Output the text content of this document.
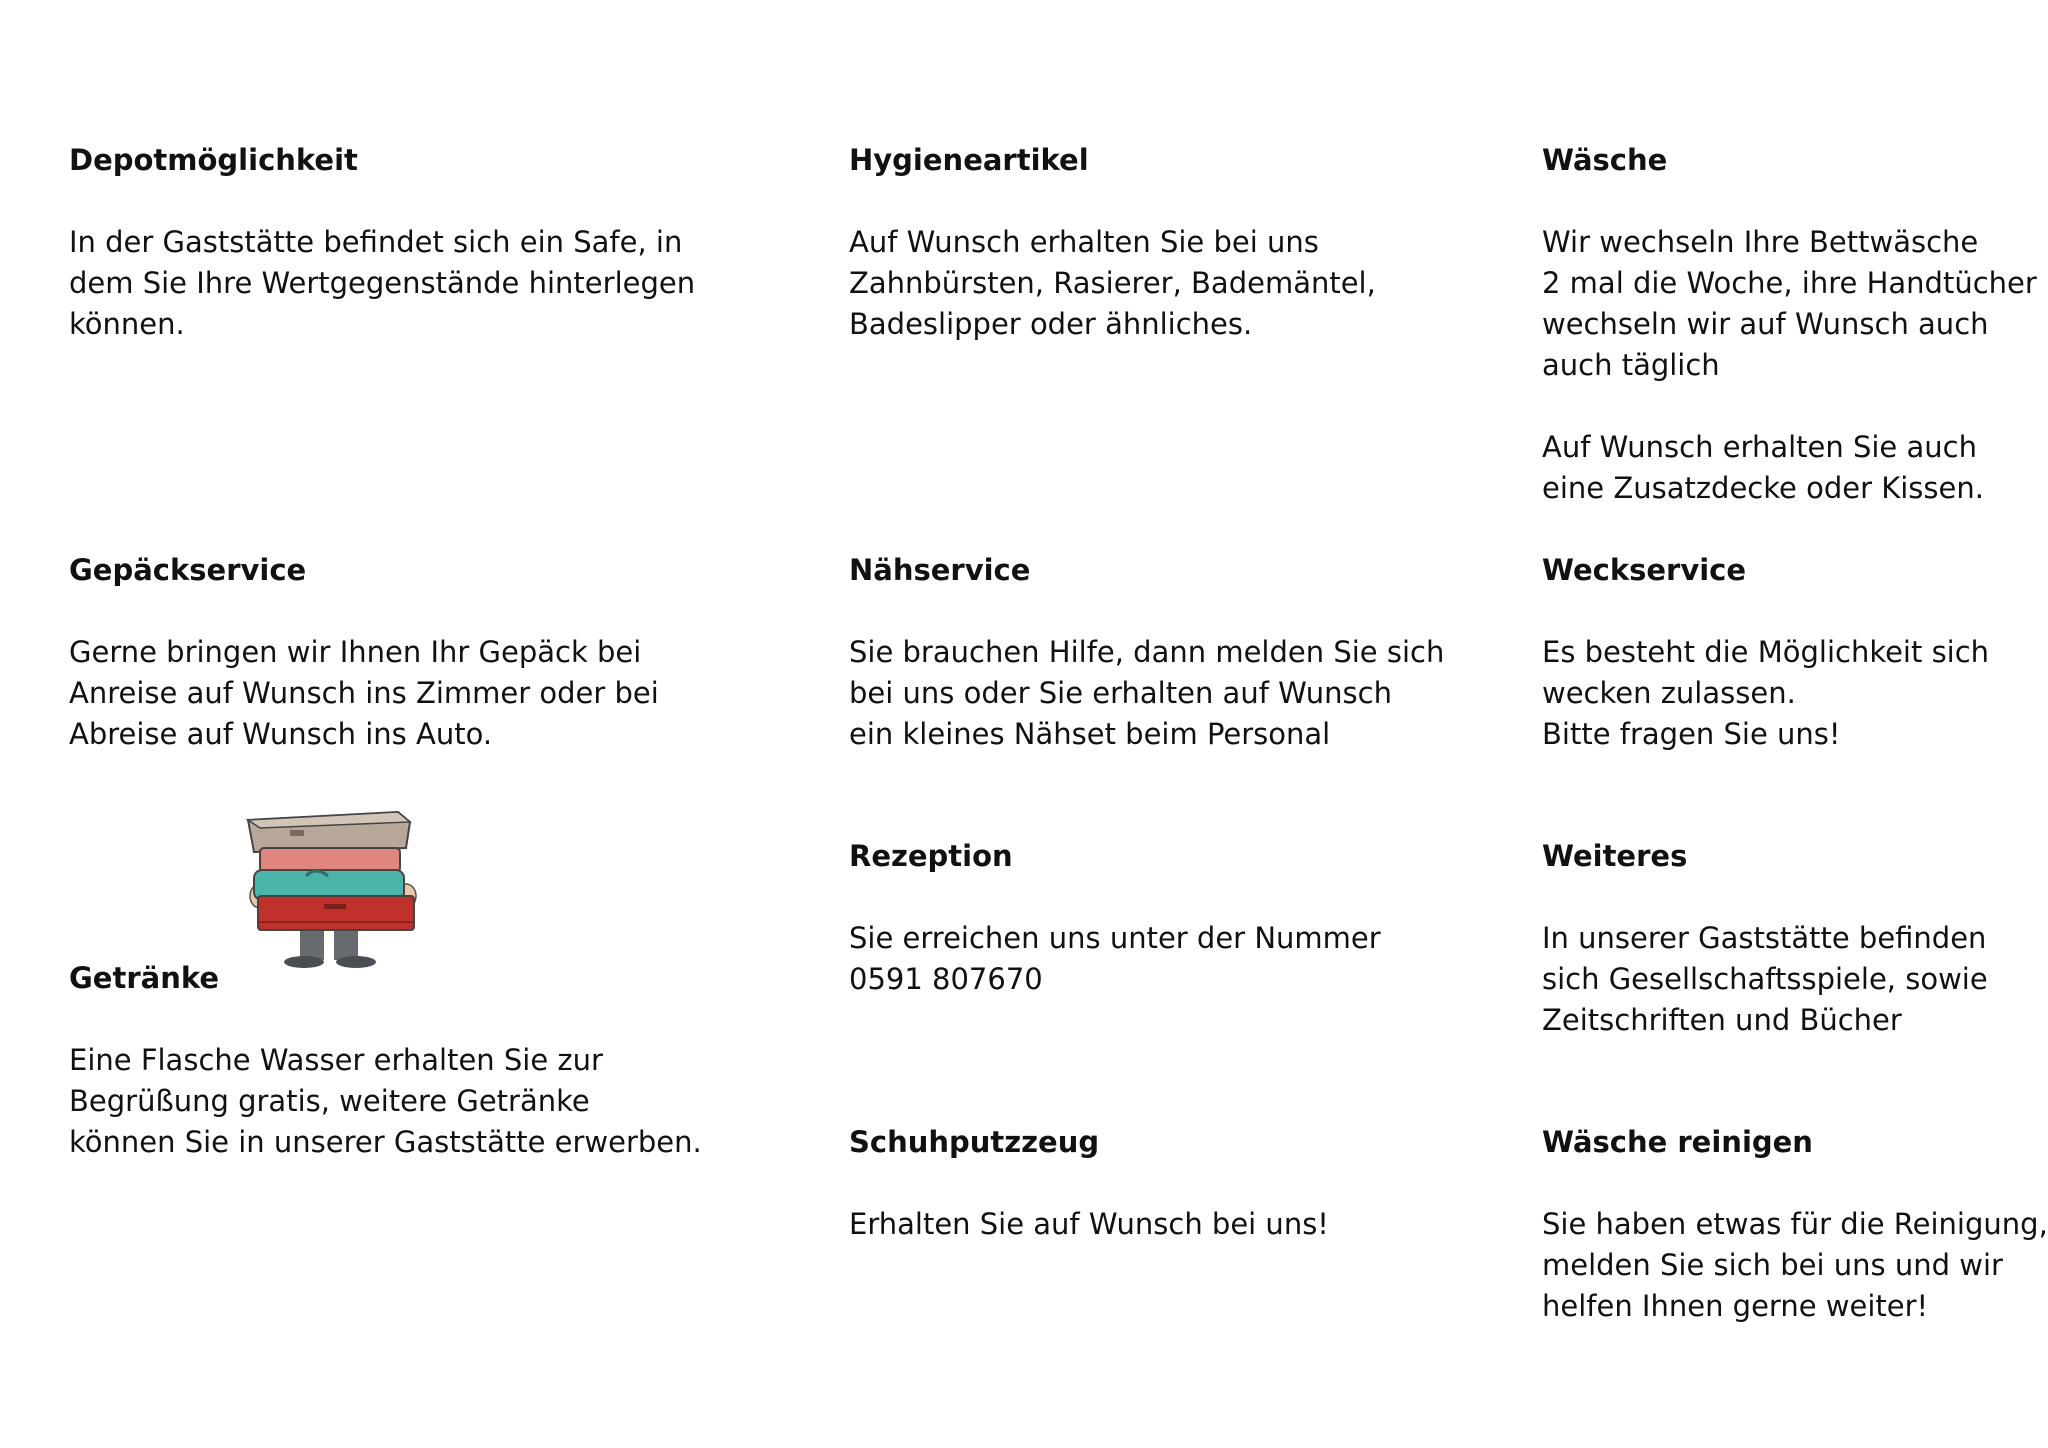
Depotmöglichkeit

In der Gaststätte befindet sich ein Safe, in

dem Sie Ihre Wertgegenstände hinterlegen

können.

Hygieneartikel

Auf Wunsch erhalten Sie bei uns

Zahnbürsten, Rasierer, Bademäntel,

Badeslipper oder ähnliches.

Wäsche

Wir wechseln Ihre Bettwäsche

2 mal die Woche, ihre Handtücher

wechseln wir auf Wunsch auch

auch täglich

Auf Wunsch erhalten Sie auch

eine Zusatzdecke oder Kissen.

Gepäckservice

Gerne bringen wir Ihnen Ihr Gepäck bei

Anreise auf Wunsch ins Zimmer oder bei

Abreise auf Wunsch ins Auto.

Nähservice

Sie brauchen Hilfe, dann melden Sie sich

bei uns oder Sie erhalten auf Wunsch

ein kleines Nähset beim Personal

Weckservice

Es besteht die Möglichkeit sich

wecken zulassen.

Bitte fragen Sie uns!

Getränke

Eine Flasche Wasser erhalten Sie zur

Begrüßung gratis, weitere Getränke

können Sie in unserer Gaststätte erwerben.

Rezeption

Sie erreichen uns unter der Nummer

0591 807670

Weiteres

In unserer Gaststätte befinden

sich Gesellschaftsspiele, sowie

Zeitschriften und Bücher

Schuhputzzeug

Erhalten Sie auf Wunsch bei uns!

Wäsche reinigen

Sie haben etwas für die Reinigung,

melden Sie sich bei uns und wir

helfen Ihnen gerne weiter!
